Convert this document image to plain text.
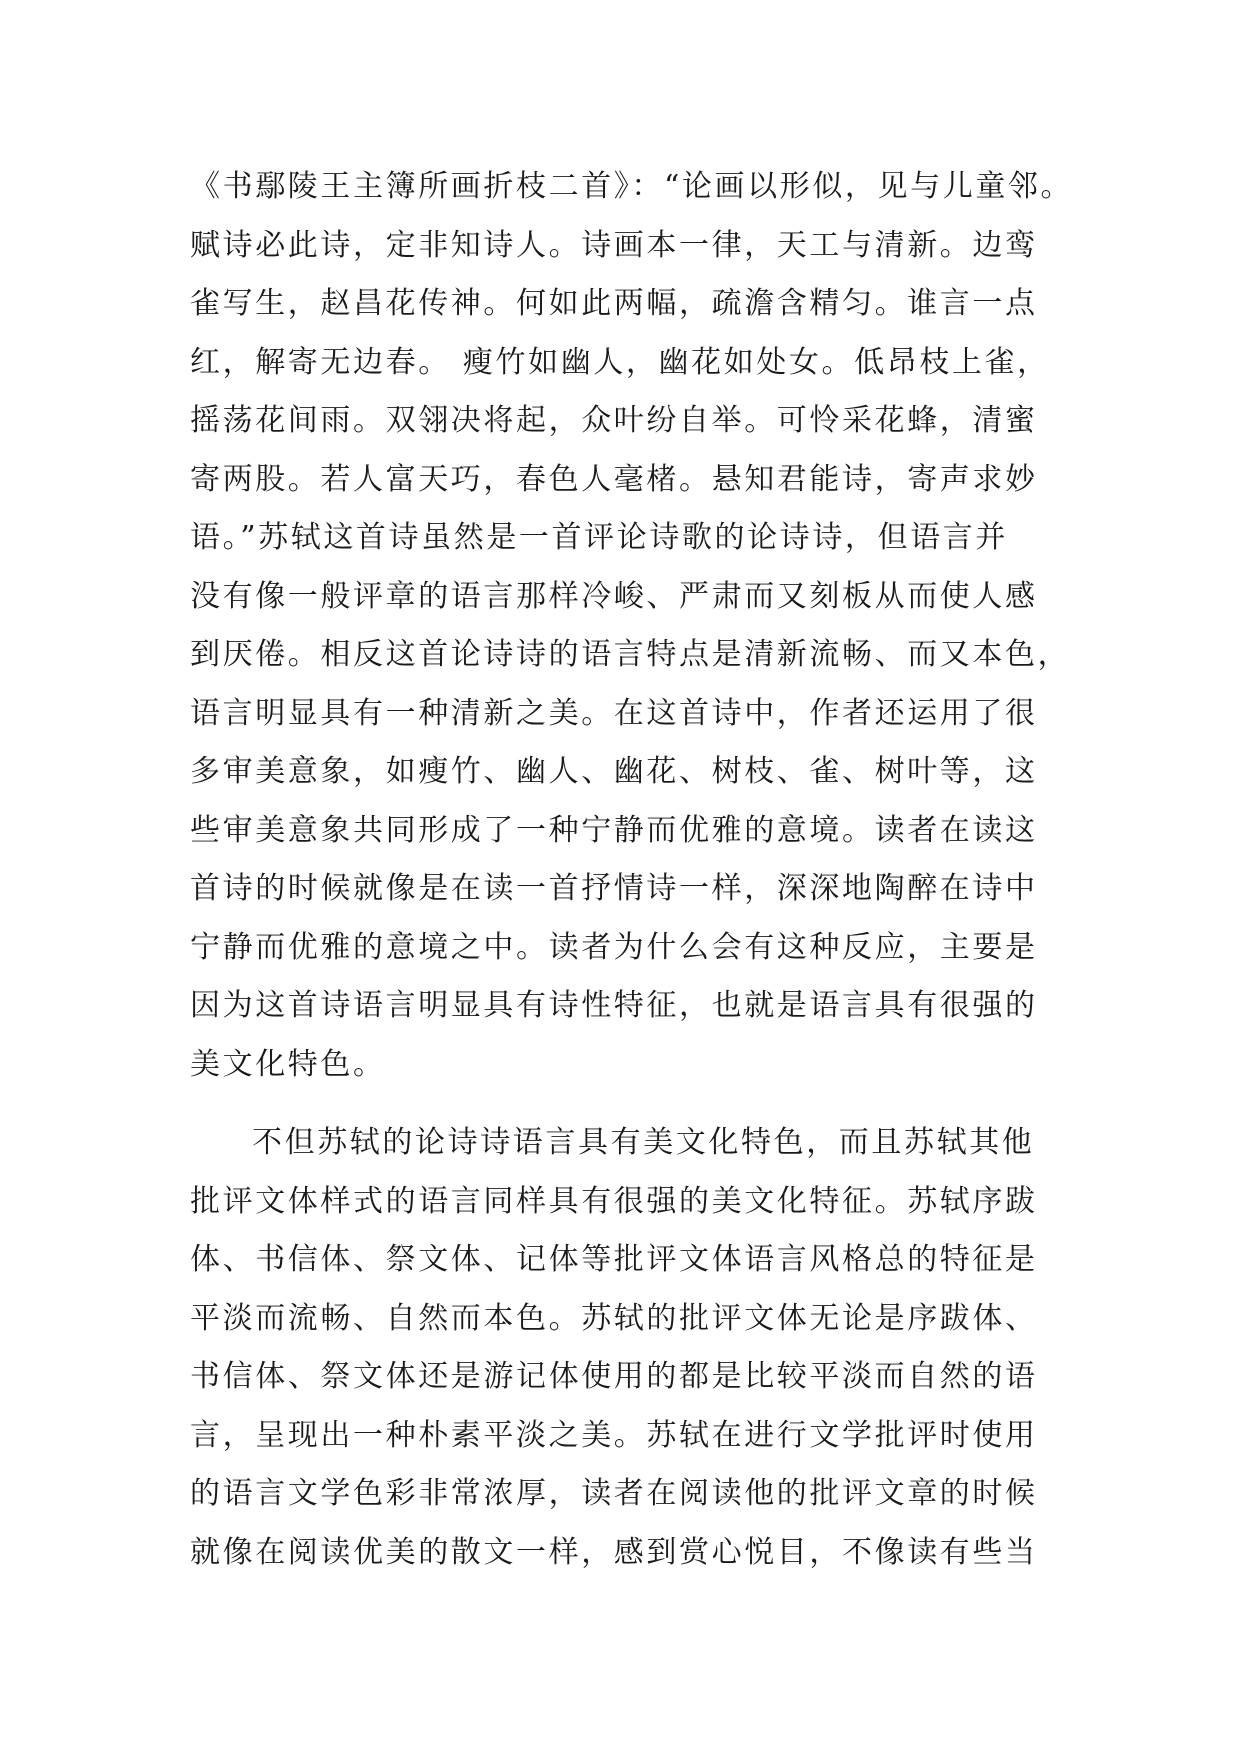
《书鄢陵王主簿所画折枝二首》：“论画以形似，见与儿童邻。
赋诗必此诗，定非知诗人。诗画本一律，天工与清新。边鸾
雀写生，赵昌花传神。何如此两幅，疏澹含精匀。谁言一点
红，解寄无边春。 瘦竹如幽人，幽花如处女。低昂枝上雀，
摇荡花间雨。双翎决将起，众叶纷自举。可怜采花蜂，清蜜
寄两股。若人富天巧，春色人毫楮。悬知君能诗，寄声求妙
语。”苏轼这首诗虽然是一首评论诗歌的论诗诗，但语言并
没有像一般评章的语言那样冷峻、严肃而又刻板从而使人感
到厌倦。相反这首论诗诗的语言特点是清新流畅、而又本色，
语言明显具有一种清新之美。在这首诗中，作者还运用了很
多审美意象，如瘦竹、幽人、幽花、树枝、雀、树叶等，这
些审美意象共同形成了一种宁静而优雅的意境。读者在读这
首诗的时候就像是在读一首抒情诗一样，深深地陶醉在诗中
宁静而优雅的意境之中。读者为什么会有这种反应，主要是
因为这首诗语言明显具有诗性特征，也就是语言具有很强的
美文化特色。
不但苏轼的论诗诗语言具有美文化特色，而且苏轼其他
批评文体样式的语言同样具有很强的美文化特征。苏轼序跋
体、书信体、祭文体、记体等批评文体语言风格总的特征是
平淡而流畅、自然而本色。苏轼的批评文体无论是序跋体、
书信体、祭文体还是游记体使用的都是比较平淡而自然的语
言，呈现出一种朴素平淡之美。苏轼在进行文学批评时使用
的语言文学色彩非常浓厚，读者在阅读他的批评文章的时候
就像在阅读优美的散文一样，感到赏心悦目，不像读有些当
